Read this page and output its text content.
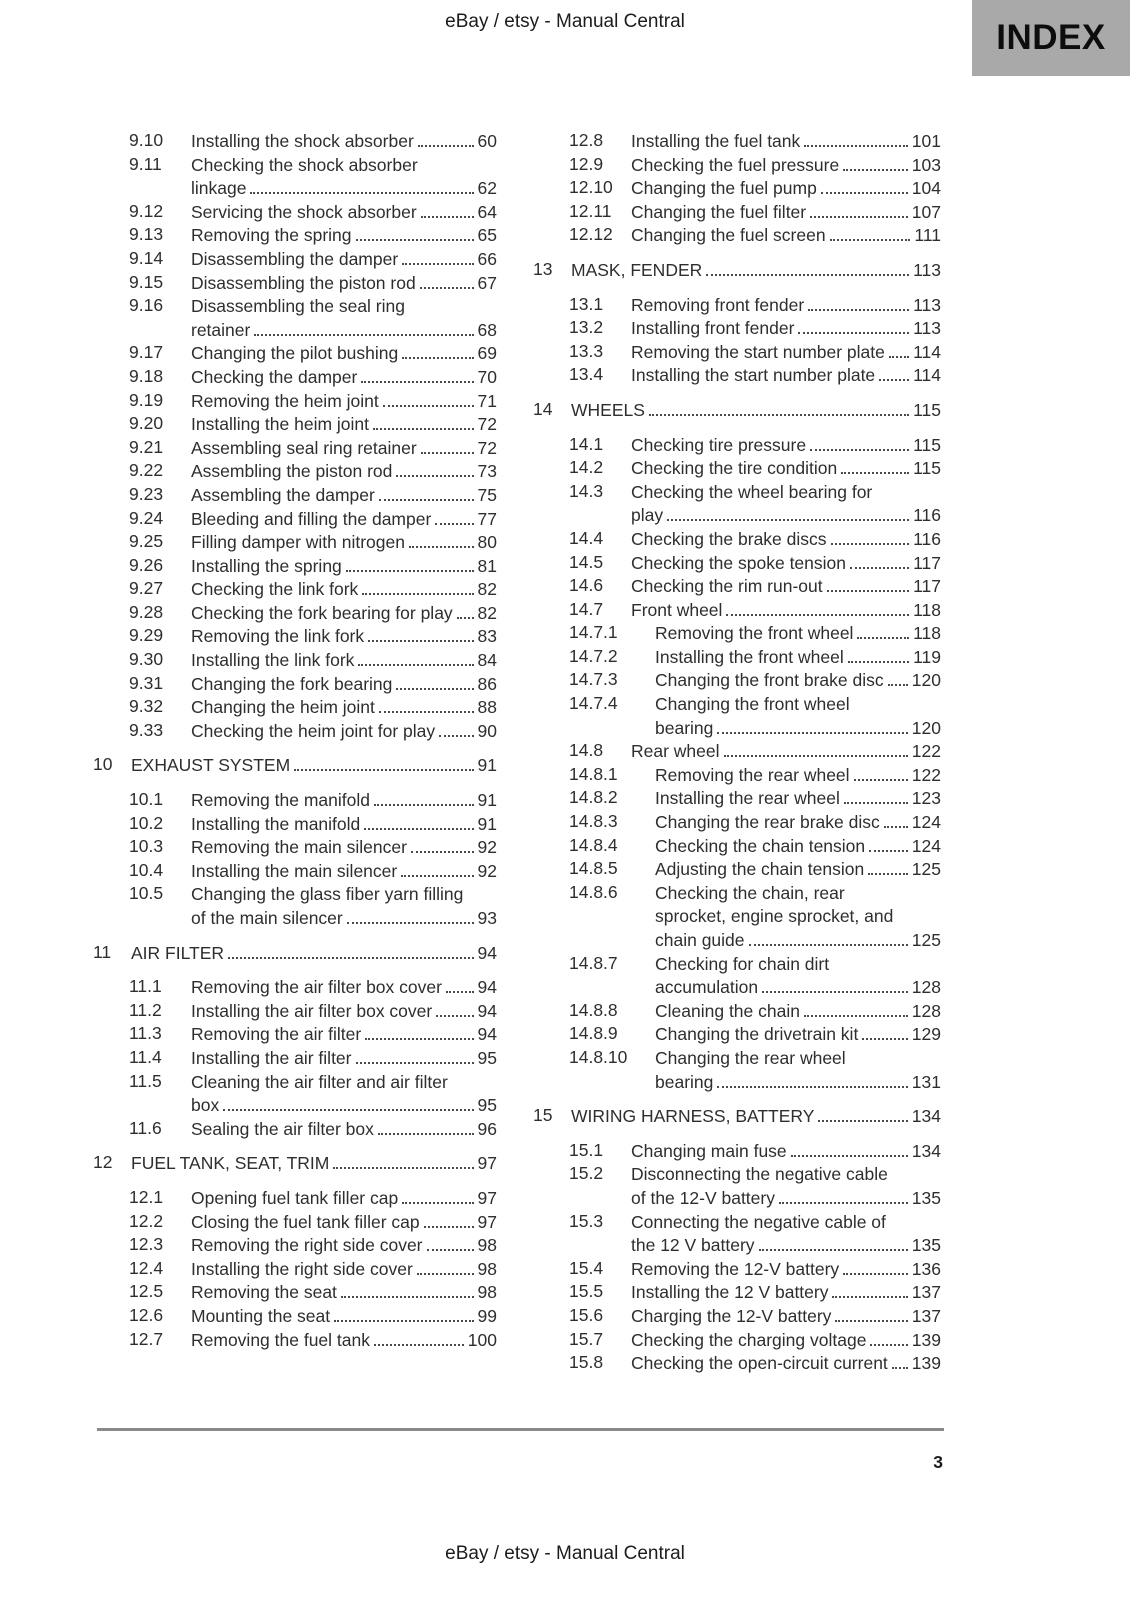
eBay / etsy - Manual Central	INDEX
9.10	Installing the shock absorber	60
9.11	Checking the shock absorber
linkage	62
9.12	Servicing the shock absorber	64
9.13	Removing the spring	65
9.14	Disassembling the damper	66
9.15	Disassembling the piston rod	67
9.16	Disassembling the seal ring
retainer	68
9.17	Changing the pilot bushing	69
9.18	Checking the damper	70
9.19	Removing the heim joint	71
9.20	Installing the heim joint	72
9.21	Assembling seal ring retainer	72
9.22	Assembling the piston rod	73
9.23	Assembling the damper	75
9.24	Bleeding and filling the damper	77
9.25	Filling damper with nitrogen	80
9.26	Installing the spring	81
9.27	Checking the link fork	82
9.28	Checking the fork bearing for play 82
9.29	Removing the link fork	83
9.30	Installing the link fork	84
9.31	Changing the fork bearing	86
9.32	Changing the heim joint	88
9.33	Checking the heim joint for play 90
10	EXHAUST SYSTEM	91
10.1	Removing the manifold	91
10.2	Installing the manifold	91
10.3	Removing the main silencer	92
10.4	Installing the main silencer	92
10.5	Changing the glass fiber yarn filling
of the main silencer	93
11	AIR FILTER	94
11.1	Removing the air filter box cover 94
11.2	Installing the air filter box cover	94
11.3	Removing the air filter	94
11.4	Installing the air filter	95
11.5	Cleaning the air filter and air filter
box	95
11.6	Sealing the air filter box	96
12	FUEL TANK, SEAT, TRIM	97
12.1	Opening fuel tank filler cap	97
12.2	Closing the fuel tank filler cap	97
12.3	Removing the right side cover	98
12.4	Installing the right side cover	98
12.5	Removing the seat	98
12.6	Mounting the seat	99
12.7	Removing the fuel tank	100
12.8	Installing the fuel tank	101
12.9	Checking the fuel pressure	103
12.10	Changing the fuel pump	104
12.11	Changing the fuel filter	107
12.12	Changing the fuel screen	111
13	MASK, FENDER	113
13.1	Removing front fender	113
13.2	Installing front fender	113
13.3	Removing the start number plate 114
13.4	Installing the start number plate 114
14	WHEELS	115
14.1	Checking tire pressure	115
14.2	Checking the tire condition	115
14.3	Checking the wheel bearing for
play	116
14.4	Checking the brake discs	116
14.5	Checking the spoke tension	117
14.6	Checking the rim run-out	117
14.7	Front wheel	118
14.7.1	Removing the front wheel	118
14.7.2	Installing the front wheel	119
14.7.3	Changing the front brake disc 120
14.7.4	Changing the front wheel
bearing	120
14.8	Rear wheel	122
14.8.1	Removing the rear wheel	122
14.8.2	Installing the rear wheel	123
14.8.3	Changing the rear brake disc 124
14.8.4	Checking the chain tension	124
14.8.5	Adjusting the chain tension	125
14.8.6	Checking the chain, rear
sprocket, engine sprocket, and
chain guide	125
14.8.7	Checking for chain dirt
accumulation	128
14.8.8	Cleaning the chain	128
14.8.9	Changing the drivetrain kit	129
14.8.10	Changing the rear wheel
bearing	131
15	WIRING HARNESS, BATTERY	134
15.1	Changing main fuse	134
15.2	Disconnecting the negative cable
of the 12-V battery	135
15.3	Connecting the negative cable of
the 12 V battery	135
15.4	Removing the 12-V battery	136
15.5	Installing the 12 V battery	137
15.6	Charging the 12-V battery	137
15.7	Checking the charging voltage	139
15.8	Checking the open-circuit current 139
3
eBay / etsy - Manual Central
